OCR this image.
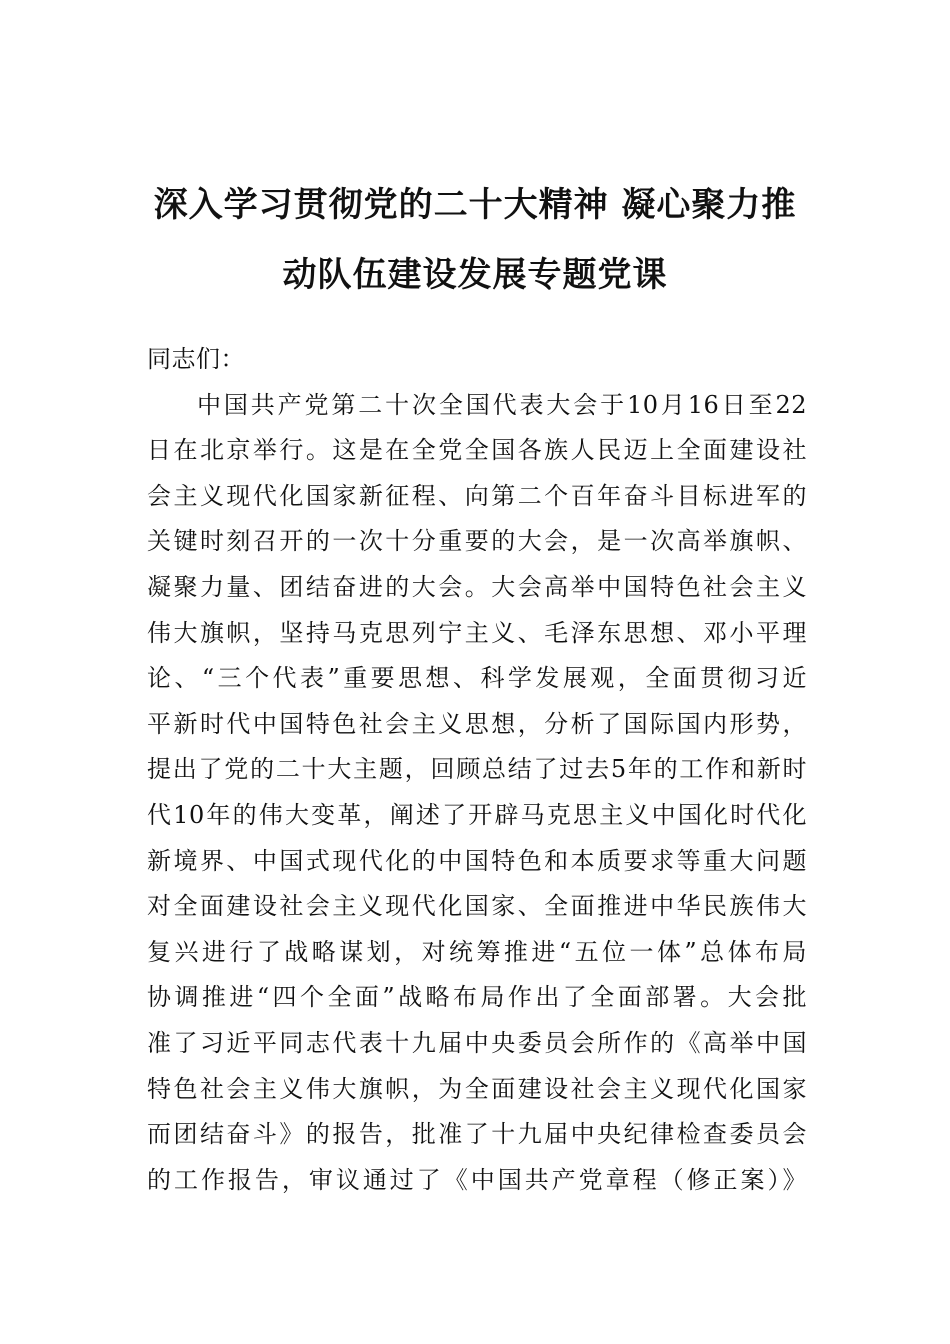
深入学习贯彻党的二十大精神 凝心聚力推
动队伍建设发展专题党课
同志们：
中国共产党第二十次全国代表大会于10月16日至22
日在北京举行。这是在全党全国各族人民迈上全面建设社
会主义现代化国家新征程、向第二个百年奋斗目标进军的
关键时刻召开的一次十分重要的大会，是一次高举旗帜、
凝聚力量、团结奋进的大会。大会高举中国特色社会主义
伟大旗帜，坚持马克思列宁主义、毛泽东思想、邓小平理
论、“三个代表”重要思想、科学发展观，全面贯彻习近
平新时代中国特色社会主义思想，分析了国际国内形势，
提出了党的二十大主题，回顾总结了过去5年的工作和新时
代10年的伟大变革，阐述了开辟马克思主义中国化时代化
新境界、中国式现代化的中国特色和本质要求等重大问题
对全面建设社会主义现代化国家、全面推进中华民族伟大
复兴进行了战略谋划，对统筹推进“五位一体”总体布局
协调推进“四个全面”战略布局作出了全面部署。大会批
准了习近平同志代表十九届中央委员会所作的《高举中国
特色社会主义伟大旗帜，为全面建设社会主义现代化国家
而团结奋斗》的报告，批准了十九届中央纪律检查委员会
的工作报告，审议通过了《中国共产党章程（修正案）》
